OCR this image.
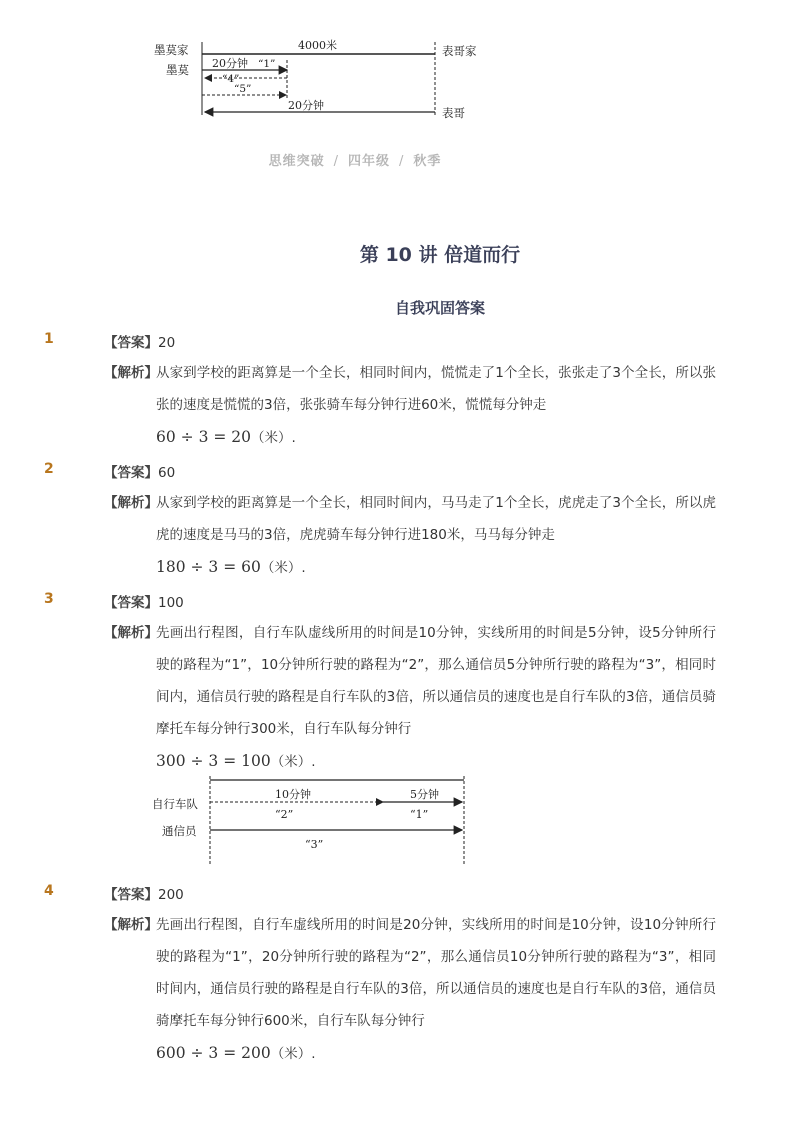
墨莫家
墨莫
4000米
20分钟 “1”
“4”
“5”
20分钟
表哥家
表哥
思维突破 / 四年级 / 秋季
第 10 讲 倍道而行
自我巩固答案
1	【答案】20
【解析】
从家到学校的距离算是一个全长，相同时间内，慌慌走了1个全长，张张走了3个全长，所以张张的速度是慌慌的3倍，张张骑车每分钟行进60米，慌慌每分钟走
60 ÷ 3 = 20（米）.
2	【答案】60
【解析】
从家到学校的距离算是一个全长，相同时间内，马马走了1个全长，虎虎走了3个全长，所以虎虎的速度是马马的3倍，虎虎骑车每分钟行进180米，马马每分钟走
180 ÷ 3 = 60（米）.
3	【答案】100
【解析】
先画出行程图，自行车队虚线所用的时间是10分钟，实线所用的时间是5分钟，设5分钟所行驶的路程为“1”，10分钟所行驶的路程为“2”，那么通信员5分钟所行驶的路程为“3”，相同时间内，通信员行驶的路程是自行车队的3倍，所以通信员的速度也是自行车队的3倍，通信员骑摩托车每分钟行300米，自行车队每分钟行
300 ÷ 3 = 100（米）.
自行车队
通信员
10分钟	5分钟
“2”	“1”
“3”
4	【答案】200
【解析】
先画出行程图，自行车虚线所用的时间是20分钟，实线所用的时间是10分钟，设10分钟所行驶的路程为“1”，20分钟所行驶的路程为“2”，那么通信员10分钟所行驶的路程为“3”，相同时间内，通信员行驶的路程是自行车队的3倍，所以通信员的速度也是自行车队的3倍，通信员骑摩托车每分钟行600米，自行车队每分钟行
600 ÷ 3 = 200（米）.
